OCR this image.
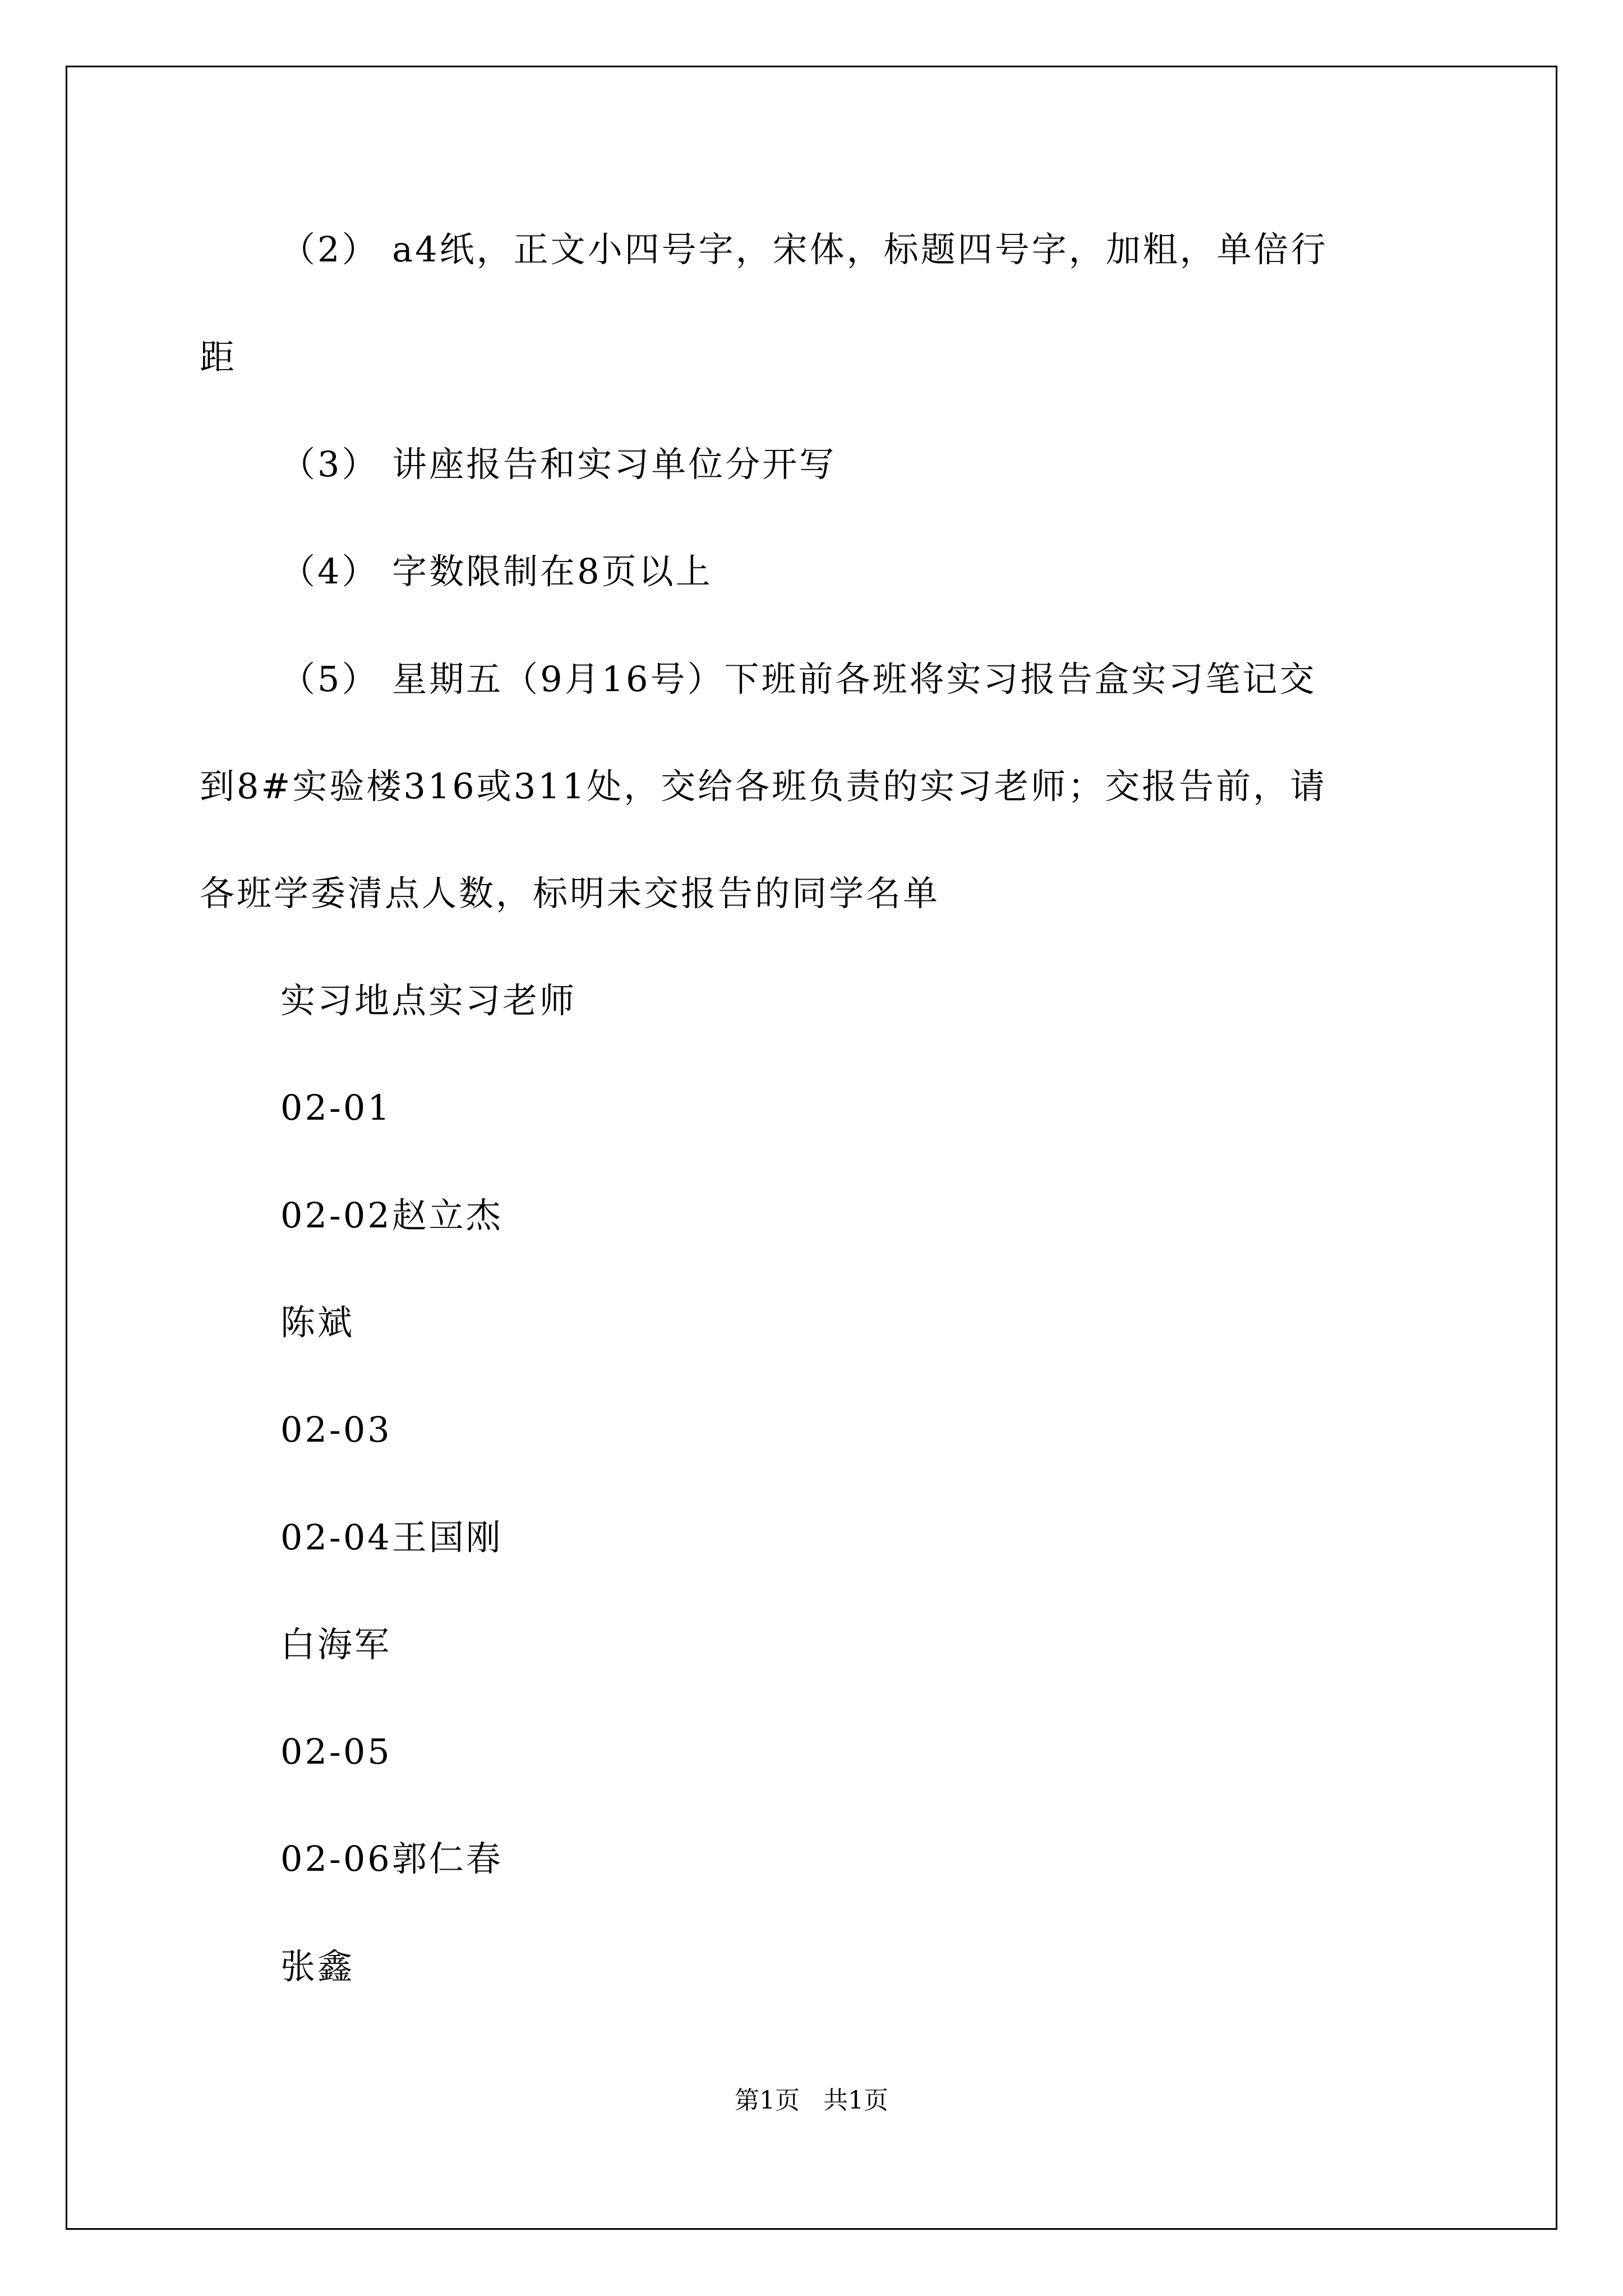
（2） a4纸，正文小四号字，宋体，标题四号字，加粗，单倍行
距
（3） 讲座报告和实习单位分开写
（4） 字数限制在8页以上
（5） 星期五（9月16号）下班前各班将实习报告盒实习笔记交
到8#实验楼316或311处，交给各班负责的实习老师；交报告前，请
各班学委清点人数，标明未交报告的同学名单
实习地点实习老师
02-01
02-02赵立杰
陈斌
02-03
02-04王国刚
白海军
02-05
02-06郭仁春
张鑫
第1页   共1页
